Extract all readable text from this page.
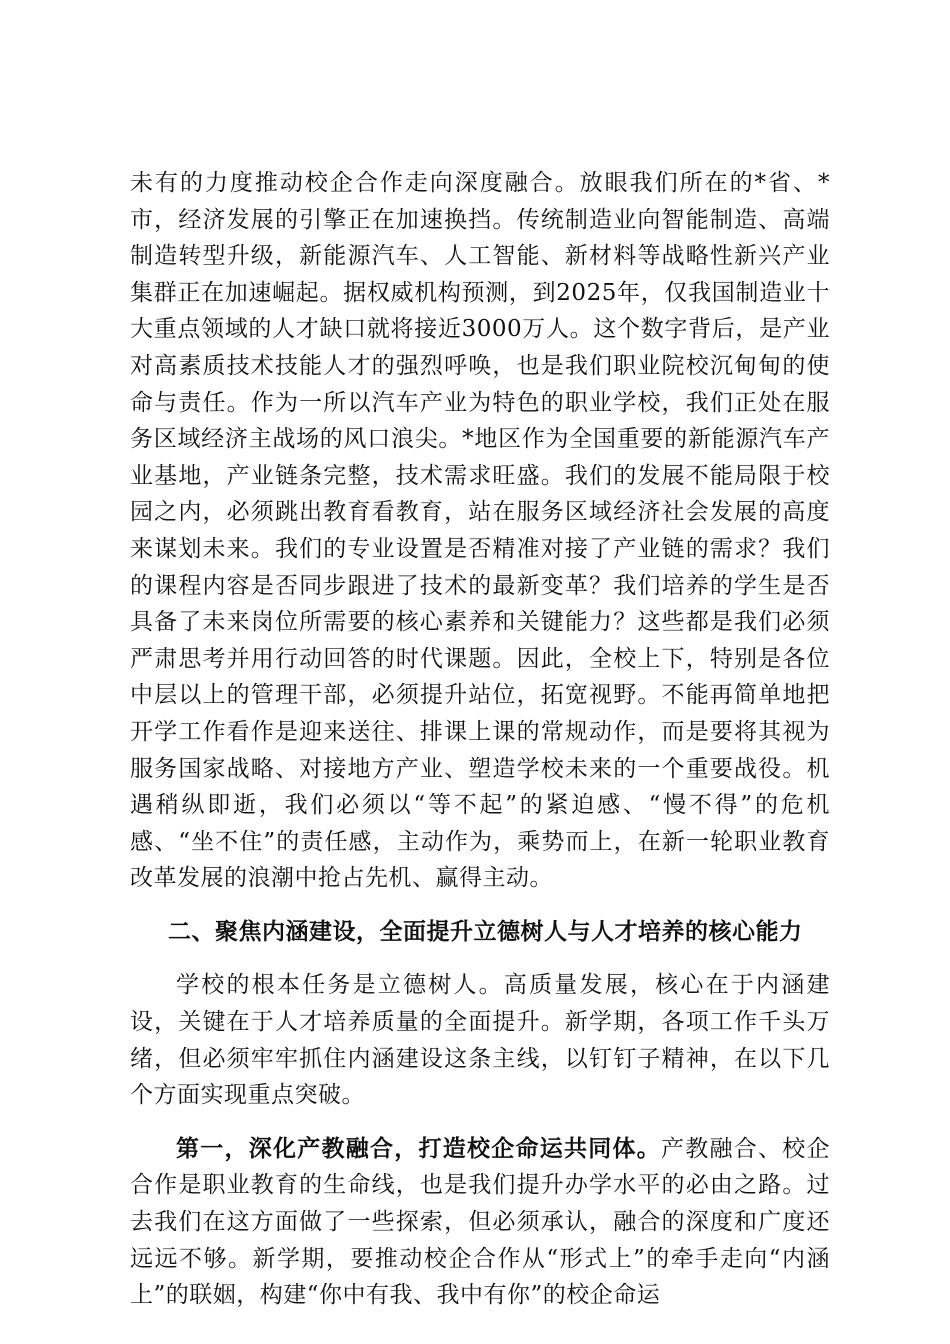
未有的力度推动校企合作走向深度融合。放眼我们所在的*省、*市，经济发展的引擎正在加速换挡。传统制造业向智能制造、高端制造转型升级，新能源汽车、人工智能、新材料等战略性新兴产业集群正在加速崛起。据权威机构预测，到2025年，仅我国制造业十大重点领域的人才缺口就将接近3000万人。这个数字背后，是产业对高素质技术技能人才的强烈呼唤，也是我们职业院校沉甸甸的使命与责任。作为一所以汽车产业为特色的职业学校，我们正处在服务区域经济主战场的风口浪尖。*地区作为全国重要的新能源汽车产业基地，产业链条完整，技术需求旺盛。我们的发展不能局限于校园之内，必须跳出教育看教育，站在服务区域经济社会发展的高度来谋划未来。我们的专业设置是否精准对接了产业链的需求？我们的课程内容是否同步跟进了技术的最新变革？我们培养的学生是否具备了未来岗位所需要的核心素养和关键能力？这些都是我们必须严肃思考并用行动回答的时代课题。因此，全校上下，特别是各位中层以上的管理干部，必须提升站位，拓宽视野。不能再简单地把开学工作看作是迎来送往、排课上课的常规动作，而是要将其视为服务国家战略、对接地方产业、塑造学校未来的一个重要战役。机遇稍纵即逝，我们必须以“等不起”的紧迫感、“慢不得”的危机感、“坐不住”的责任感，主动作为，乘势而上，在新一轮职业教育改革发展的浪潮中抢占先机、赢得主动。

二、聚焦内涵建设，全面提升立德树人与人才培养的核心能力

学校的根本任务是立德树人。高质量发展，核心在于内涵建设，关键在于人才培养质量的全面提升。新学期，各项工作千头万绪，但必须牢牢抓住内涵建设这条主线，以钉钉子精神，在以下几个方面实现重点突破。

第一，深化产教融合，打造校企命运共同体。产教融合、校企合作是职业教育的生命线，也是我们提升办学水平的必由之路。过去我们在这方面做了一些探索，但必须承认，融合的深度和广度还远远不够。新学期，要推动校企合作从“形式上”的牵手走向“内涵上”的联姻，构建“你中有我、我中有你”的校企命运
